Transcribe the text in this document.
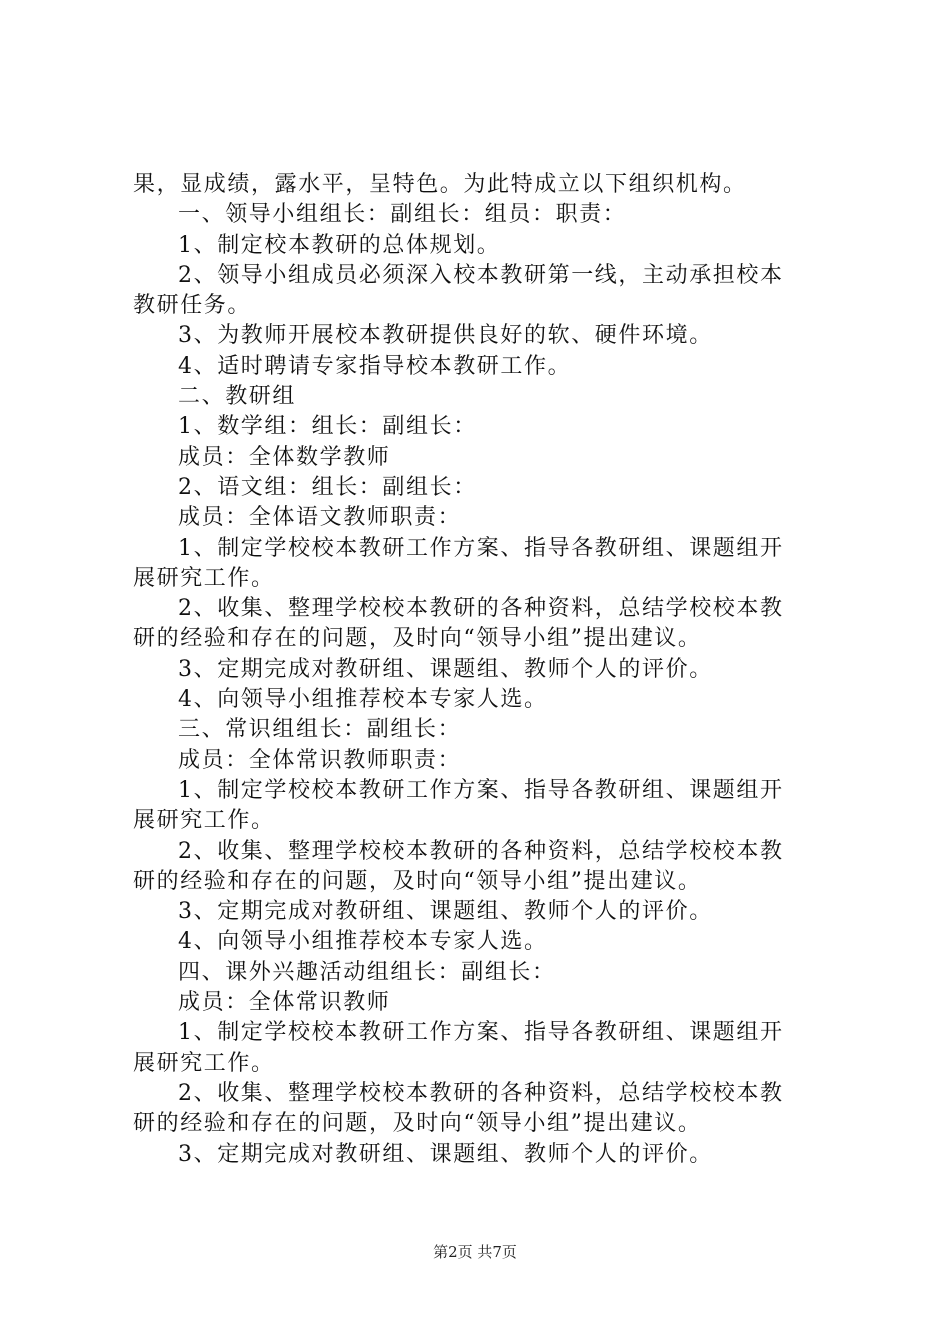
果，显成绩，露水平，呈特色。为此特成立以下组织机构。
一、领导小组组长：副组长：组员：职责：
1、制定校本教研的总体规划。
2、领导小组成员必须深入校本教研第一线，主动承担校本
教研任务。
3、为教师开展校本教研提供良好的软、硬件环境。
4、适时聘请专家指导校本教研工作。
二、教研组
1、数学组：组长：副组长：
成员：全体数学教师
2、语文组：组长：副组长：
成员：全体语文教师职责：
1、制定学校校本教研工作方案、指导各教研组、课题组开
展研究工作。
2、收集、整理学校校本教研的各种资料，总结学校校本教
研的经验和存在的问题，及时向“领导小组”提出建议。
3、定期完成对教研组、课题组、教师个人的评价。
4、向领导小组推荐校本专家人选。
三、常识组组长：副组长：
成员：全体常识教师职责：
1、制定学校校本教研工作方案、指导各教研组、课题组开
展研究工作。
2、收集、整理学校校本教研的各种资料，总结学校校本教
研的经验和存在的问题，及时向“领导小组”提出建议。
3、定期完成对教研组、课题组、教师个人的评价。
4、向领导小组推荐校本专家人选。
四、课外兴趣活动组组长：副组长：
成员：全体常识教师
1、制定学校校本教研工作方案、指导各教研组、课题组开
展研究工作。
2、收集、整理学校校本教研的各种资料，总结学校校本教
研的经验和存在的问题，及时向“领导小组”提出建议。
3、定期完成对教研组、课题组、教师个人的评价。
第2页 共7页
